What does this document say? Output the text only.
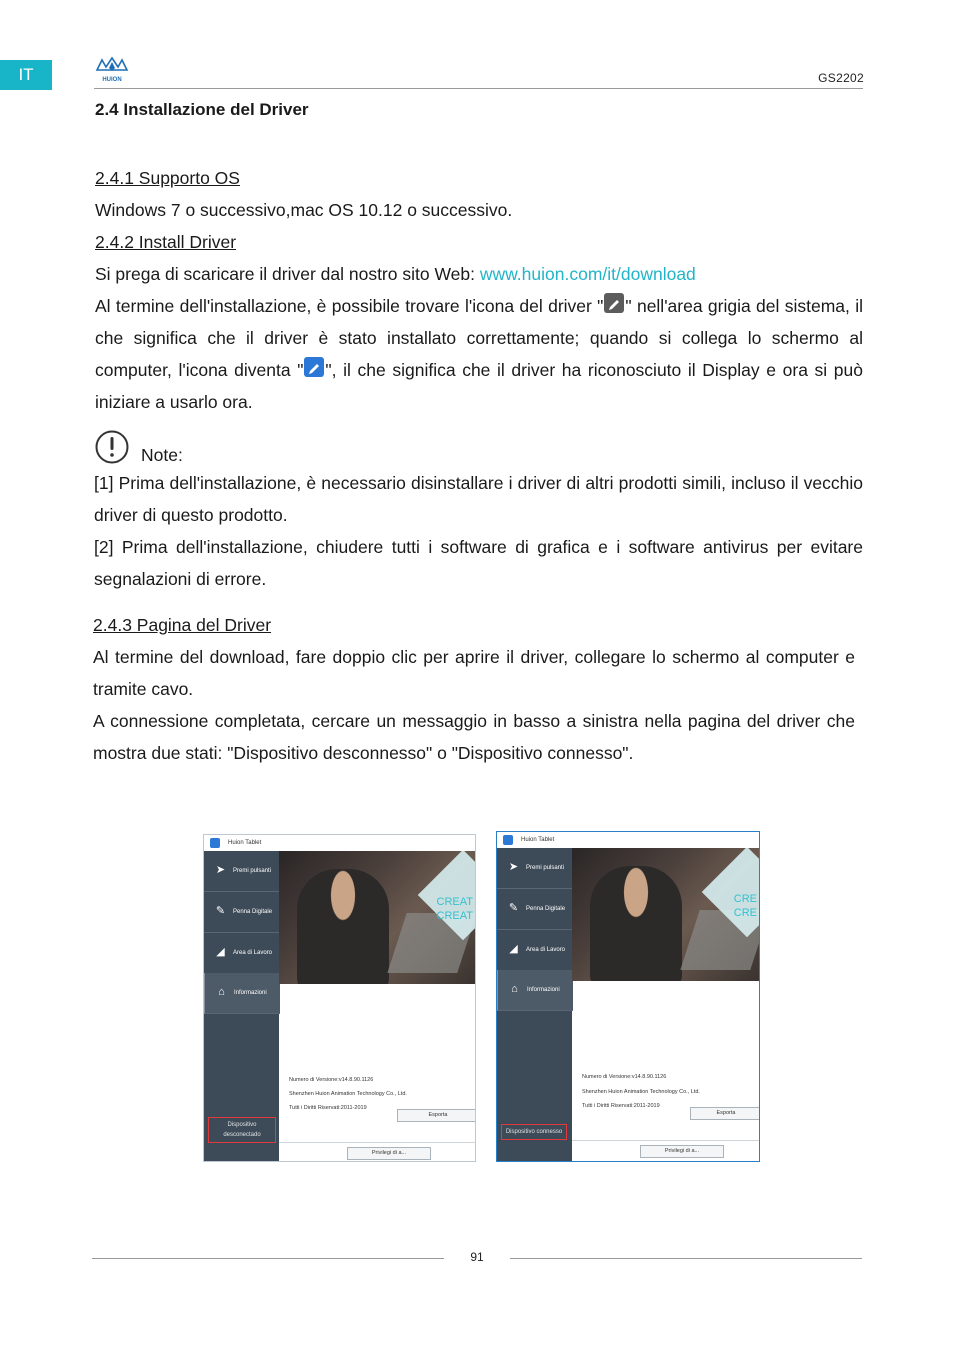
IT	HUION	GS2202
2.4 Installazione del Driver
2.4.1 Supporto OS
Windows 7 o successivo,mac OS 10.12 o successivo.
2.4.2 Install Driver
Si prega di scaricare il driver dal nostro sito Web: www.huion.com/it/download
Al termine dell'installazione, è possibile trovare l'icona del driver " " nell'area grigia del sistema, il che significa che il driver è stato installato correttamente; quando si collega lo schermo al computer, l'icona diventa " ", il che significa che il driver ha riconosciuto il Display e ora si può iniziare a usarlo ora.
Note:
[1] Prima dell'installazione, è necessario disinstallare i driver di altri prodotti simili, incluso il vecchio driver di questo prodotto.
[2] Prima dell'installazione, chiudere tutti i software di grafica e i software antivirus per evitare segnalazioni di errore.
2.4.3 Pagina del Driver
Al termine del download, fare doppio clic per aprire il driver, collegare lo schermo al computer e tramite cavo.
A connessione completata, cercare un messaggio in basso a sinistra nella pagina del driver che mostra due stati: "Dispositivo desconnesso" o "Dispositivo connesso".
Huion Tablet
➤	Premi pulsanti
✎	Penna Digitale
◢	Area di Lavoro
⌂	Informazioni
Dispositivo desconectado
CREAT
CREAT
Numero di Versione:v14.8.90.1126
Shenzhen Huion Animation Technology Co., Ltd.
Tutti i Diritti Riservati:2011-2019
Esporta
Privilegi di a...
Huion Tablet
➤	Premi pulsanti
✎	Penna Digitale
◢	Area di Lavoro
⌂	Informazioni
Dispositivo connesso
CRE
CRE
Numero di Versione:v14.8.90.1126
Shenzhen Huion Animation Technology Co., Ltd.
Tutti i Diritti Riservati:2011-2019
Esporta
Privilegi di a...
91
